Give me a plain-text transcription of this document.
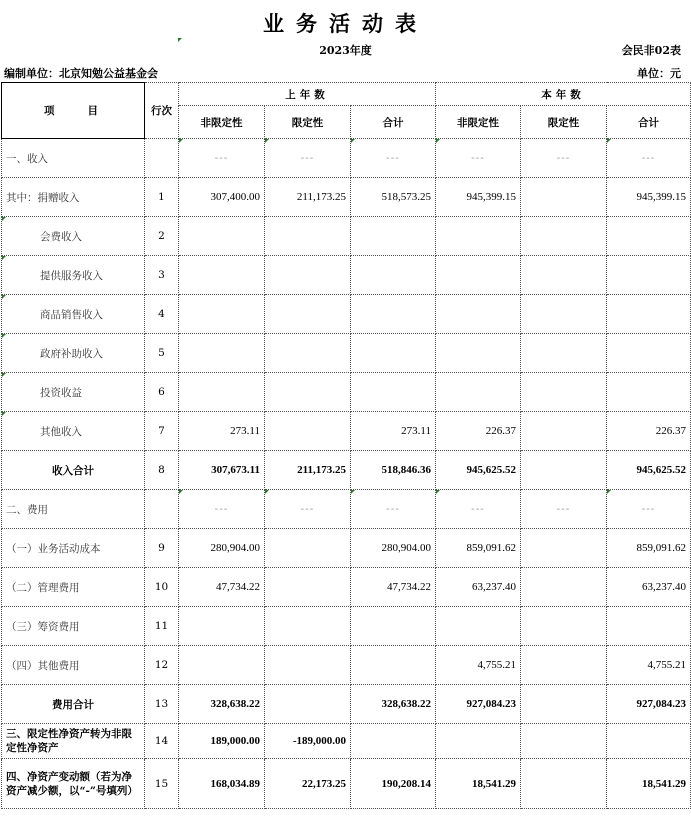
业务活动表
2023年度	会民非02表
编制单位：北京知勉公益基金会	单位：元
项　　目	行次	上年数			本年数		
		非限定性	限定性	合计	非限定性	限定性	合计
一、收入		---	---	---	---	---	---
其中：捐赠收入	1	307,400.00	211,173.25	518,573.25	945,399.15		945,399.15
会费收入	2						
提供服务收入	3						
商品销售收入	4						
政府补助收入	5						
投资收益	6						
其他收入	7	273.11		273.11	226.37		226.37
收入合计	8	307,673.11	211,173.25	518,846.36	945,625.52		945,625.52
二、费用		---	---	---	---	---	---
（一）业务活动成本	9	280,904.00		280,904.00	859,091.62		859,091.62
（二）管理费用	10	47,734.22		47,734.22	63,237.40		63,237.40
（三）筹资费用	11						
（四）其他费用	12				4,755.21		4,755.21
费用合计	13	328,638.22		328,638.22	927,084.23		927,084.23
三、限定性净资产转为非限定性净资产	14	189,000.00	-189,000.00				
四、净资产变动额（若为净资产减少额，以“-”号填列）	15	168,034.89	22,173.25	190,208.14	18,541.29		18,541.29
